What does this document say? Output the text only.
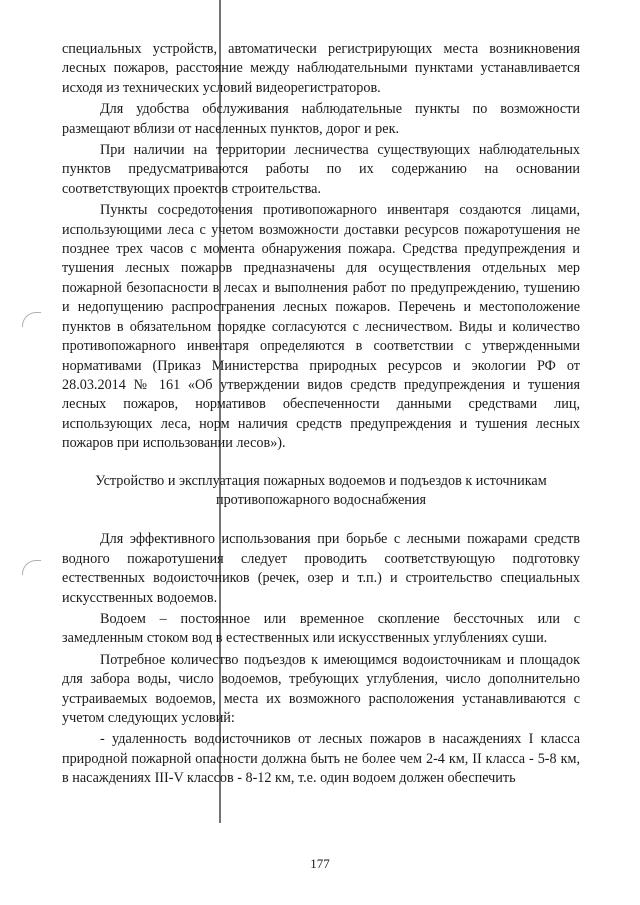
специальных устройств, автоматически регистрирующих места возникновения лесных пожаров, расстояние между наблюдательными пунктами устанавливается исходя из технических условий видеорегистраторов.

Для удобства обслуживания наблюдательные пункты по возможности размещают вблизи от населенных пунктов, дорог и рек.

При наличии на территории лесничества существующих наблюдательных пунктов предусматриваются работы по их содержанию на основании соответствующих проектов строительства.

Пункты сосредоточения противопожарного инвентаря создаются лицами, использующими леса с учетом возможности доставки ресурсов пожаротушения не позднее трех часов с момента обнаружения пожара. Средства предупреждения и тушения лесных пожаров предназначены для осуществления отдельных мер пожарной безопасности в лесах и выполнения работ по предупреждению, тушению и недопущению распространения лесных пожаров. Перечень и местоположение пунктов в обязательном порядке согласуются с лесничеством. Виды и количество противопожарного инвентаря определяются в соответствии с утвержденными нормативами (Приказ Министерства природных ресурсов и экологии РФ от 28.03.2014 № 161 «Об утверждении видов средств предупреждения и тушения лесных пожаров, нормативов обеспеченности данными средствами лиц, использующих леса, норм наличия средств предупреждения и тушения лесных пожаров при использовании лесов»).

Устройство и эксплуатация пожарных водоемов и подъездов к источникам
противопожарного водоснабжения

Для эффективного использования при борьбе с лесными пожарами средств водного пожаротушения следует проводить соответствующую подготовку естественных водоисточников (речек, озер и т.п.) и строительство специальных искусственных водоемов.

Водоем – постоянное или временное скопление бессточных или с замедленным стоком вод в естественных или искусственных углублениях суши.

Потребное количество подъездов к имеющимся водоисточникам и площадок для забора воды, число водоемов, требующих углубления, число дополнительно устраиваемых водоемов, места их возможного расположения устанавливаются с учетом следующих условий:

- удаленность водоисточников от лесных пожаров в насаждениях I класса природной пожарной опасности должна быть не более чем 2-4 км, II класса - 5-8 км, в насаждениях III-V классов - 8-12 км, т.е. один водоем должен обеспечить

177
